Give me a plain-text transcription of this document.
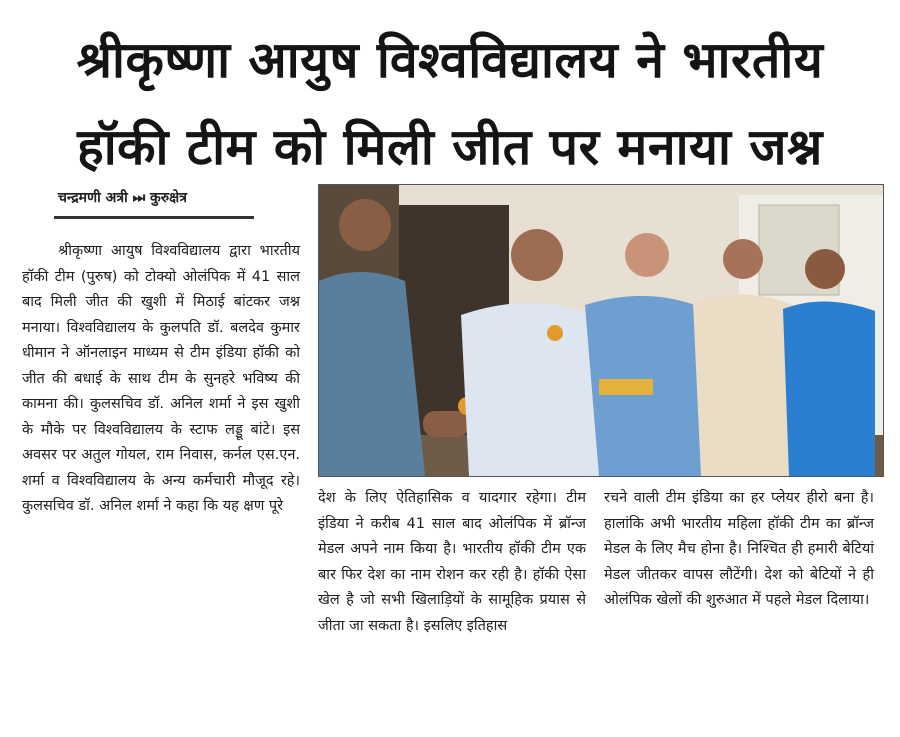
श्रीकृष्णा आयुष विश्वविद्यालय ने भारतीय
हॉकी टीम को मिली जीत पर मनाया जश्न
चन्द्रमणी अत्री ⏭ कुरुक्षेत्र
श्रीकृष्णा आयुष विश्वविद्यालय द्वारा भारतीय हॉकी टीम (पुरुष) को टोक्यो ओलंपिक में 41 साल बाद मिली जीत की खुशी में मिठाई बांटकर जश्न मनाया। विश्वविद्यालय के कुलपति डॉ. बलदेव कुमार धीमान ने ऑनलाइन माध्यम से टीम इंडिया हॉकी को जीत की बधाई के साथ टीम के सुनहरे भविष्य की कामना की। कुलसचिव डॉ. अनिल शर्मा ने इस खुशी के मौके पर विश्वविद्यालय के स्टाफ लड्डू बांटे। इस अवसर पर अतुल गोयल, राम निवास, कर्नल एस.एन. शर्मा व विश्वविद्यालय के अन्य कर्मचारी मौजूद रहे। कुलसचिव डॉ. अनिल शर्मा ने कहा कि यह क्षण पूरे	देश के लिए ऐतिहासिक व यादगार रहेगा। टीम इंडिया ने करीब 41 साल बाद ओलंपिक में ब्रॉन्ज मेडल अपने नाम किया है। भारतीय हॉकी टीम एक बार फिर देश का नाम रोशन कर रही है। हॉकी ऐसा खेल है जो सभी खिलाड़ियों के सामूहिक प्रयास से जीता जा सकता है। इसलिए इतिहास
रचने वाली टीम इंडिया का हर प्लेयर हीरो बना है। हालांकि अभी भारतीय महिला हॉकी टीम का ब्रॉन्ज मेडल के लिए मैच होना है। निश्चित ही हमारी बेटियां मेडल जीतकर वापस लौटेंगी। देश को बेटियों ने ही ओलंपिक खेलों की शुरुआत में पहले मेडल दिलाया।
